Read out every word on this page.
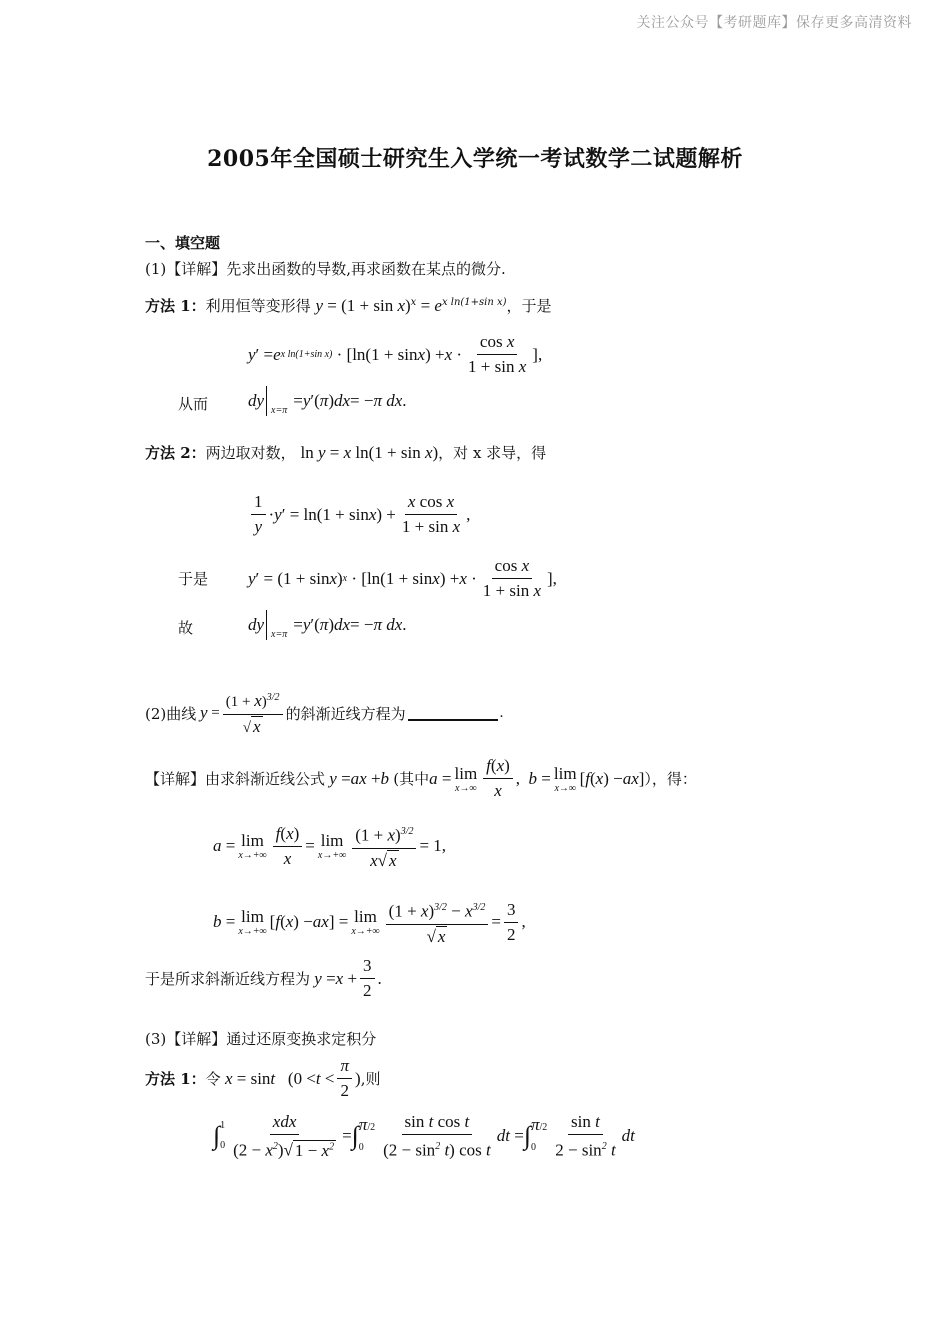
关注公众号【考研题库】保存更多高清资料
2005年全国硕士研究生入学统一考试数学二试题解析
一、填空题
(1)【详解】先求出函数的导数,再求函数在某点的微分.
方法 1：利用恒等变形得 $y = (1 + \sin x)^x = e^{x ln(1+sin x)}$，于是
y ′ = e x ln(1+sin x) · [ln(1 + sin x ) + $x \cdot \frac{\text{cos x}}{\text{1 + sin x}}$ ],
从而 dy
x=π
= y ′( π ) dx = − π dx .
方法 2：两边取对数， ln y = x ln(1 + sin x)，对 x 求导，得
$\frac{1}{y} \cdot y$ ′ = ln(1 + sin x ) + $\frac{\text{x cos x}}{\text{1 + sin x}}$ ,
于是 y ′ = (1 + sin x ) x · [ln(1 + sin x ) + $x \cdot \frac{\text{cos x}}{\text{1 + sin x}}$ ],
故	dy
x=π
= y ′( π ) dx = − π dx .
(2)曲线
$y = \frac{(1 + x)^{3/2}}{√ x}$ 的斜渐近线方程为	.
【详解】由求斜渐近线公式
y = ax + b
(其中 a = lim
$x\to\infty \frac{f(x)}{x}$ , b = lim
x→∞
[ f ( x ) − ax ] ），得：
a = lim
$x\to+\infty \frac{f(x)}{x} = \lim$
$x\to+\infty \frac{(1 + x)^{3/2}}{x√ x} = 1$,
b = lim
x→+∞
[ f ( x ) − ax ] = lim
$x\to+\infty \frac{(1 + x)^{3/2} - x^{3/2}}{√ x} = \frac{3}{2}$ ,
于是所求斜渐近线方程为
$y = x + \frac{3}{2}$ .
(3)【详解】通过还原变换求定积分
方法 1： 令
x = sin t ($0 < t < \frac{\pi}{2}$ ) ,则
∫ 1
$0 \frac{\text{xdx}}{(2 - x^2)√ 1 - x^2}$ = ∫ π/2
$0 \frac{\text{sin t cos t}}{(2 - \sin^2 t) \cos t}$ dt = ∫ π/2
$0 \frac{\text{sin t}}{2 - \sin^2 t}$ dt
